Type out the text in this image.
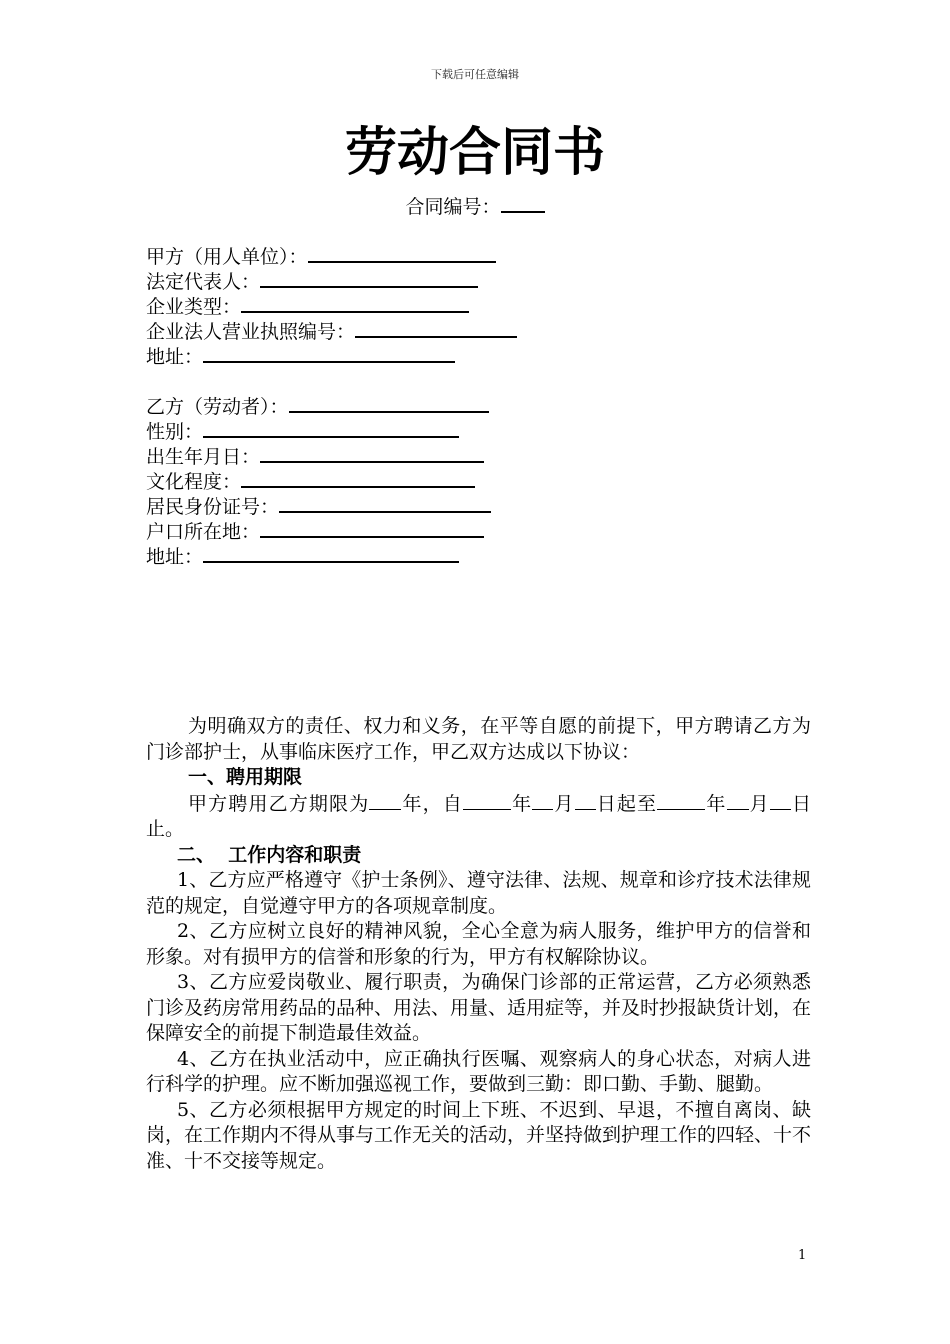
下载后可任意编辑
劳动合同书
合同编号：
甲方（用人单位）：
法定代表人：
企业类型：
企业法人营业执照编号：
地址：
乙方（劳动者）：
性别：
出生年月日：
文化程度：
居民身份证号：
户口所在地：
地址：

为明确双方的责任、权力和义务，在平等自愿的前提下，甲方聘请乙方为门诊部护士，从事临床医疗工作，甲乙双方达成以下协议：

一、聘用期限

甲方聘用乙方期限为 年，自	年 月 日起至	年 月 日止。

二、  工作内容和职责

1、乙方应严格遵守《护士条例》、遵守法律、法规、规章和诊疗技术法律规范的规定，自觉遵守甲方的各项规章制度。

2、乙方应树立良好的精神风貌，全心全意为病人服务，维护甲方的信誉和形象。对有损甲方的信誉和形象的行为，甲方有权解除协议。

3、乙方应爱岗敬业、履行职责，为确保门诊部的正常运营，乙方必须熟悉门诊及药房常用药品的品种、用法、用量、适用症等，并及时抄报缺货计划，在保障安全的前提下制造最佳效益。

4、乙方在执业活动中，应正确执行医嘱、观察病人的身心状态，对病人进行科学的护理。应不断加强巡视工作，要做到三勤：即口勤、手勤、腿勤。

5、乙方必须根据甲方规定的时间上下班、不迟到、早退，不擅自离岗、缺岗，在工作期内不得从事与工作无关的活动，并坚持做到护理工作的四轻、十不准、十不交接等规定。

1
